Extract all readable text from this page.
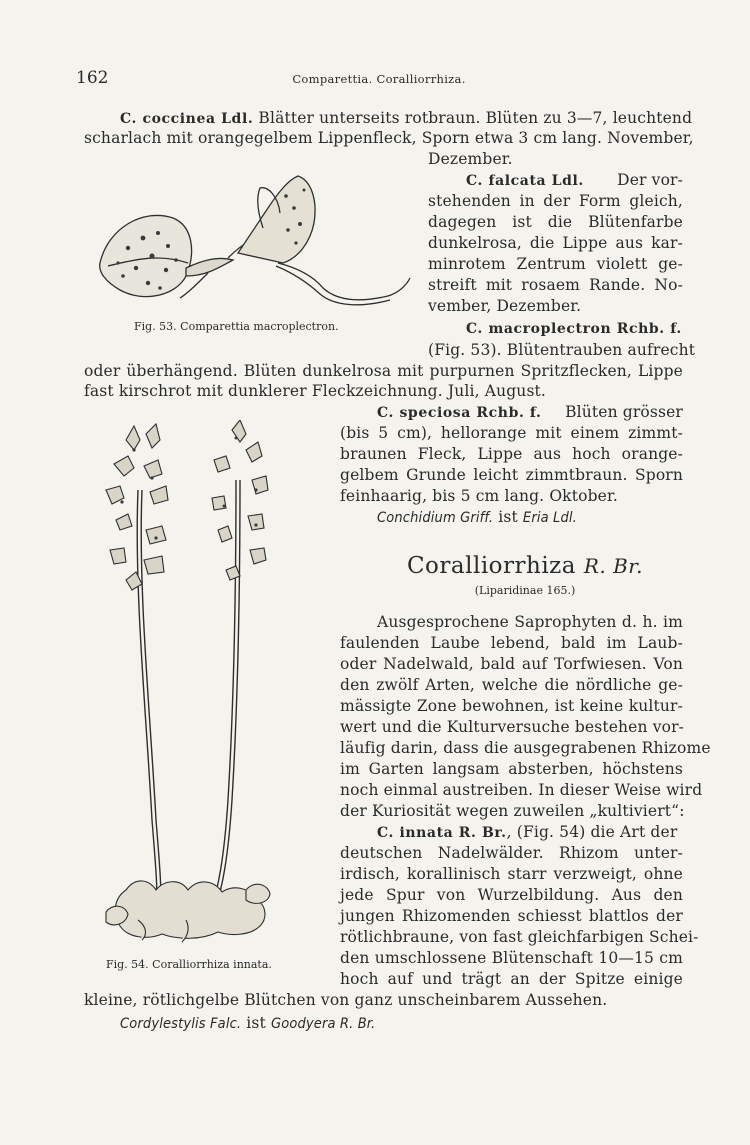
162	Comparettia. Coralliorrhiza.
C. coccinea Ldl. Blätter unterseits rotbraun. Blüten zu 3—7, leuchtend
scharlach mit orangegelbem Lippenfleck, Sporn etwa 3 cm lang. November,
Dezember.
C. falcata Ldl. Der vor-
stehenden in der Form gleich,
dagegen ist die Blütenfarbe
dunkelrosa, die Lippe aus kar-
minrotem Zentrum violett ge-
streift mit rosaem Rande. No-
vember, Dezember.
Fig. 53. Comparettia macroplectron.	C. macroplectron Rchb. f.
(Fig. 53). Blütentrauben aufrecht
oder überhängend. Blüten dunkelrosa mit purpurnen Spritzflecken, Lippe
fast kirschrot mit dunklerer Fleckzeichnung. Juli, August.
C. speciosa Rchb. f. Blüten grösser
(bis 5 cm), hellorange mit einem zimmt-
braunen Fleck, Lippe aus hoch orange-
gelbem Grunde leicht zimmtbraun. Sporn
feinhaarig, bis 5 cm lang. Oktober.
Conchidium Griff. ist Eria Ldl.
Fig. 54. Coralliorrhiza innata.
Coralliorrhiza R. Br.
(Liparidinae 165.)
Ausgesprochene Saprophyten d. h. im
faulenden Laube lebend, bald im Laub-
oder Nadelwald, bald auf Torfwiesen. Von
den zwölf Arten, welche die nördliche ge-
mässigte Zone bewohnen, ist keine kultur-
wert und die Kulturversuche bestehen vor-
läufig darin, dass die ausgegrabenen Rhizome
im Garten langsam absterben, höchstens
noch einmal austreiben. In dieser Weise wird
der Kuriosität wegen zuweilen „kultiviert“:
C. innata R. Br., (Fig. 54) die Art der
deutschen Nadelwälder. Rhizom unter-
irdisch, korallinisch starr verzweigt, ohne
jede Spur von Wurzelbildung. Aus den
jungen Rhizomenden schiesst blattlos der
rötlichbraune, von fast gleichfarbigen Schei-
den umschlossene Blütenschaft 10—15 cm
hoch auf und trägt an der Spitze einige
kleine, rötlichgelbe Blütchen von ganz unscheinbarem Aussehen.
Cordylestylis Falc. ist Goodyera R. Br.
